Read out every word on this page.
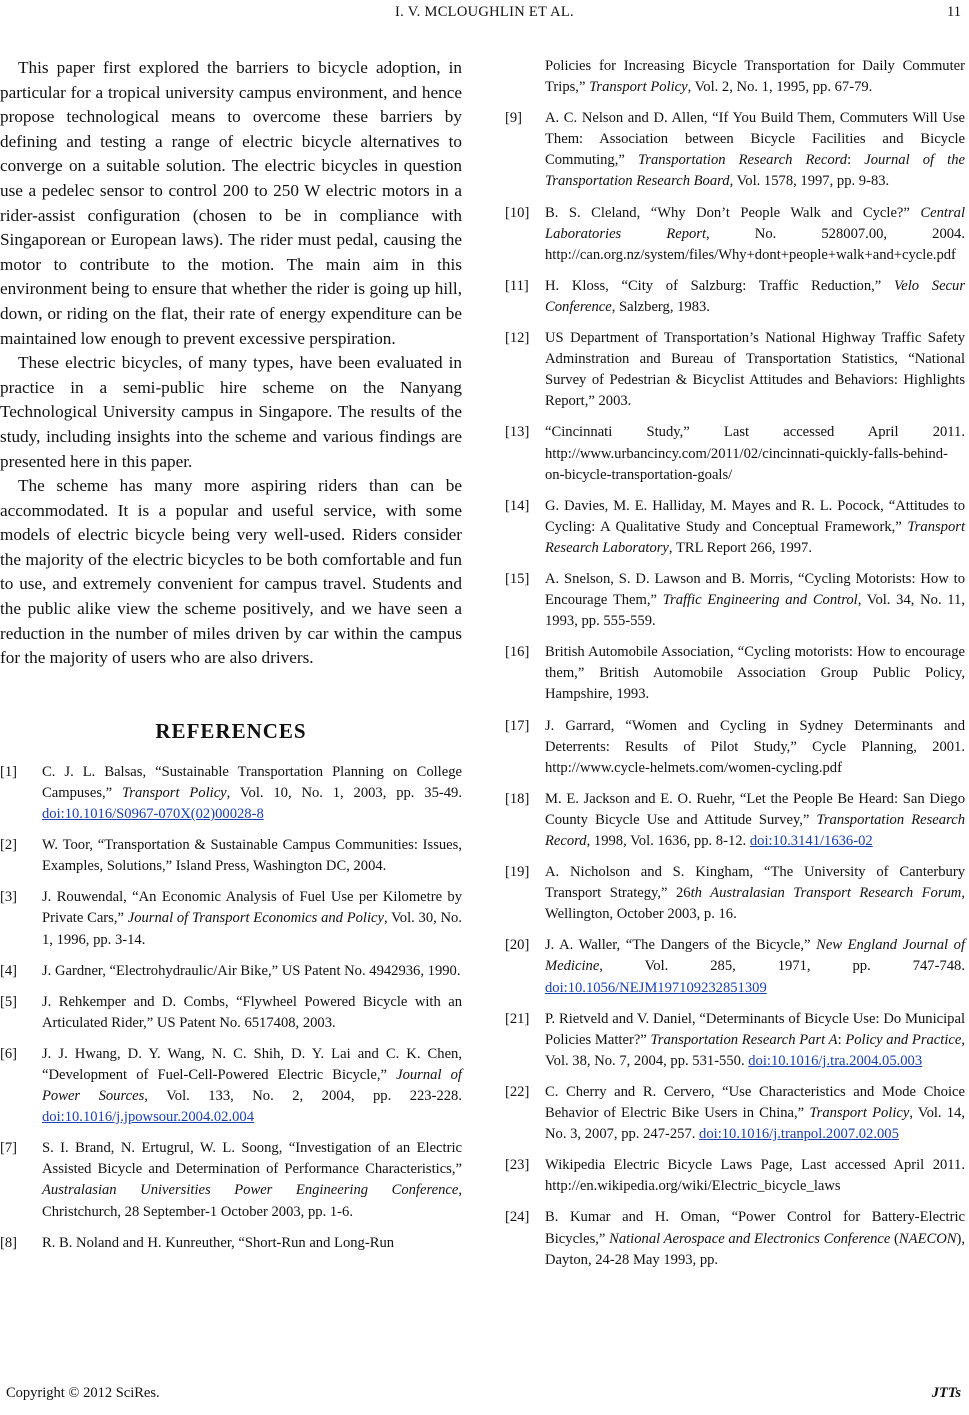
I. V. MCLOUGHLIN ET AL.	11

This paper first explored the barriers to bicycle adoption, in particular for a tropical university campus environment, and hence propose technological means to overcome these barriers by defining and testing a range of electric bicycle alternatives to converge on a suitable solution. The electric bicycles in question use a pedelec sensor to control 200 to 250 W electric motors in a rider-assist configuration (chosen to be in compliance with Singaporean or European laws). The rider must pedal, causing the motor to contribute to the motion. The main aim in this environment being to ensure that whether the rider is going up hill, down, or riding on the flat, their rate of energy expenditure can be maintained low enough to prevent excessive perspiration.

These electric bicycles, of many types, have been evaluated in practice in a semi-public hire scheme on the Nanyang Technological University campus in Singapore. The results of the study, including insights into the scheme and various findings are presented here in this paper.

The scheme has many more aspiring riders than can be accommodated. It is a popular and useful service, with some models of electric bicycle being very well-used. Riders consider the majority of the electric bicycles to be both comfortable and fun to use, and extremely convenient for campus travel. Students and the public alike view the scheme positively, and we have seen a reduction in the number of miles driven by car within the campus for the majority of users who are also drivers.

REFERENCES
[1]	C. J. L. Balsas, “Sustainable Transportation Planning on College Campuses,” Transport Policy, Vol. 10, No. 1, 2003, pp. 35-49. doi:10.1016/S0967-070X(02)00028-8
[2]	W. Toor, “Transportation & Sustainable Campus Communities: Issues, Examples, Solutions,” Island Press, Washington DC, 2004.
[3]	J. Rouwendal, “An Economic Analysis of Fuel Use per Kilometre by Private Cars,” Journal of Transport Economics and Policy, Vol. 30, No. 1, 1996, pp. 3-14.
[4]	J. Gardner, “Electrohydraulic/Air Bike,” US Patent No. 4942936, 1990.
[5]	J. Rehkemper and D. Combs, “Flywheel Powered Bicycle with an Articulated Rider,” US Patent No. 6517408, 2003.
[6]	J. J. Hwang, D. Y. Wang, N. C. Shih, D. Y. Lai and C. K. Chen, “Development of Fuel-Cell-Powered Electric Bicycle,” Journal of Power Sources, Vol. 133, No. 2, 2004, pp. 223-228. doi:10.1016/j.jpowsour.2004.02.004
[7]	S. I. Brand, N. Ertugrul, W. L. Soong, “Investigation of an Electric Assisted Bicycle and Determination of Performance Characteristics,” Australasian Universities Power Engineering Conference, Christchurch, 28 September-1 October 2003, pp. 1-6.
[8]	R. B. Noland and H. Kunreuther, “Short-Run and Long-Run
Policies for Increasing Bicycle Transportation for Daily Commuter Trips,” Transport Policy, Vol. 2, No. 1, 1995, pp. 67-79.
[9]	A. C. Nelson and D. Allen, “If You Build Them, Commuters Will Use Them: Association between Bicycle Facilities and Bicycle Commuting,” Transportation Research Record: Journal of the Transportation Research Board, Vol. 1578, 1997, pp. 9-83.
[10]	B. S. Cleland, “Why Don’t People Walk and Cycle?” Central Laboratories Report, No. 528007.00, 2004. http://can.org.nz/system/files/Why+dont+people+walk+and+cycle.pdf
[11]	H. Kloss, “City of Salzburg: Traffic Reduction,” Velo Secur Conference, Salzberg, 1983.
[12]	US Department of Transportation’s National Highway Traffic Safety Adminstration and Bureau of Transportation Statistics, “National Survey of Pedestrian & Bicyclist Attitudes and Behaviors: Highlights Report,” 2003.
[13]	“Cincinnati Study,” Last accessed April 2011. http://www.urbancincy.com/2011/02/cincinnati-quickly-falls-behind-on-bicycle-transportation-goals/
[14]	G. Davies, M. E. Halliday, M. Mayes and R. L. Pocock, “Attitudes to Cycling: A Qualitative Study and Conceptual Framework,” Transport Research Laboratory, TRL Report 266, 1997.
[15]	A. Snelson, S. D. Lawson and B. Morris, “Cycling Motorists: How to Encourage Them,” Traffic Engineering and Control, Vol. 34, No. 11, 1993, pp. 555-559.
[16]	British Automobile Association, “Cycling motorists: How to encourage them,” British Automobile Association Group Public Policy, Hampshire, 1993.
[17]	J. Garrard, “Women and Cycling in Sydney Determinants and Deterrents: Results of Pilot Study,” Cycle Planning, 2001. http://www.cycle-helmets.com/women-cycling.pdf
[18]	M. E. Jackson and E. O. Ruehr, “Let the People Be Heard: San Diego County Bicycle Use and Attitude Survey,” Transportation Research Record, 1998, Vol. 1636, pp. 8-12. doi:10.3141/1636-02
[19]	A. Nicholson and S. Kingham, “The University of Canterbury Transport Strategy,” 26th Australasian Transport Research Forum, Wellington, October 2003, p. 16.
[20]	J. A. Waller, “The Dangers of the Bicycle,” New England Journal of Medicine, Vol. 285, 1971, pp. 747-748. doi:10.1056/NEJM197109232851309
[21]	P. Rietveld and V. Daniel, “Determinants of Bicycle Use: Do Municipal Policies Matter?” Transportation Research Part A: Policy and Practice, Vol. 38, No. 7, 2004, pp. 531-550. doi:10.1016/j.tra.2004.05.003
[22]	C. Cherry and R. Cervero, “Use Characteristics and Mode Choice Behavior of Electric Bike Users in China,” Transport Policy, Vol. 14, No. 3, 2007, pp. 247-257. doi:10.1016/j.tranpol.2007.02.005
[23]	Wikipedia Electric Bicycle Laws Page, Last accessed April 2011. http://en.wikipedia.org/wiki/Electric_bicycle_laws
[24]	B. Kumar and H. Oman, “Power Control for Battery-Electric Bicycles,” National Aerospace and Electronics Conference (NAECON), Dayton, 24-28 May 1993, pp.
Copyright © 2012 SciRes.	JTTs
